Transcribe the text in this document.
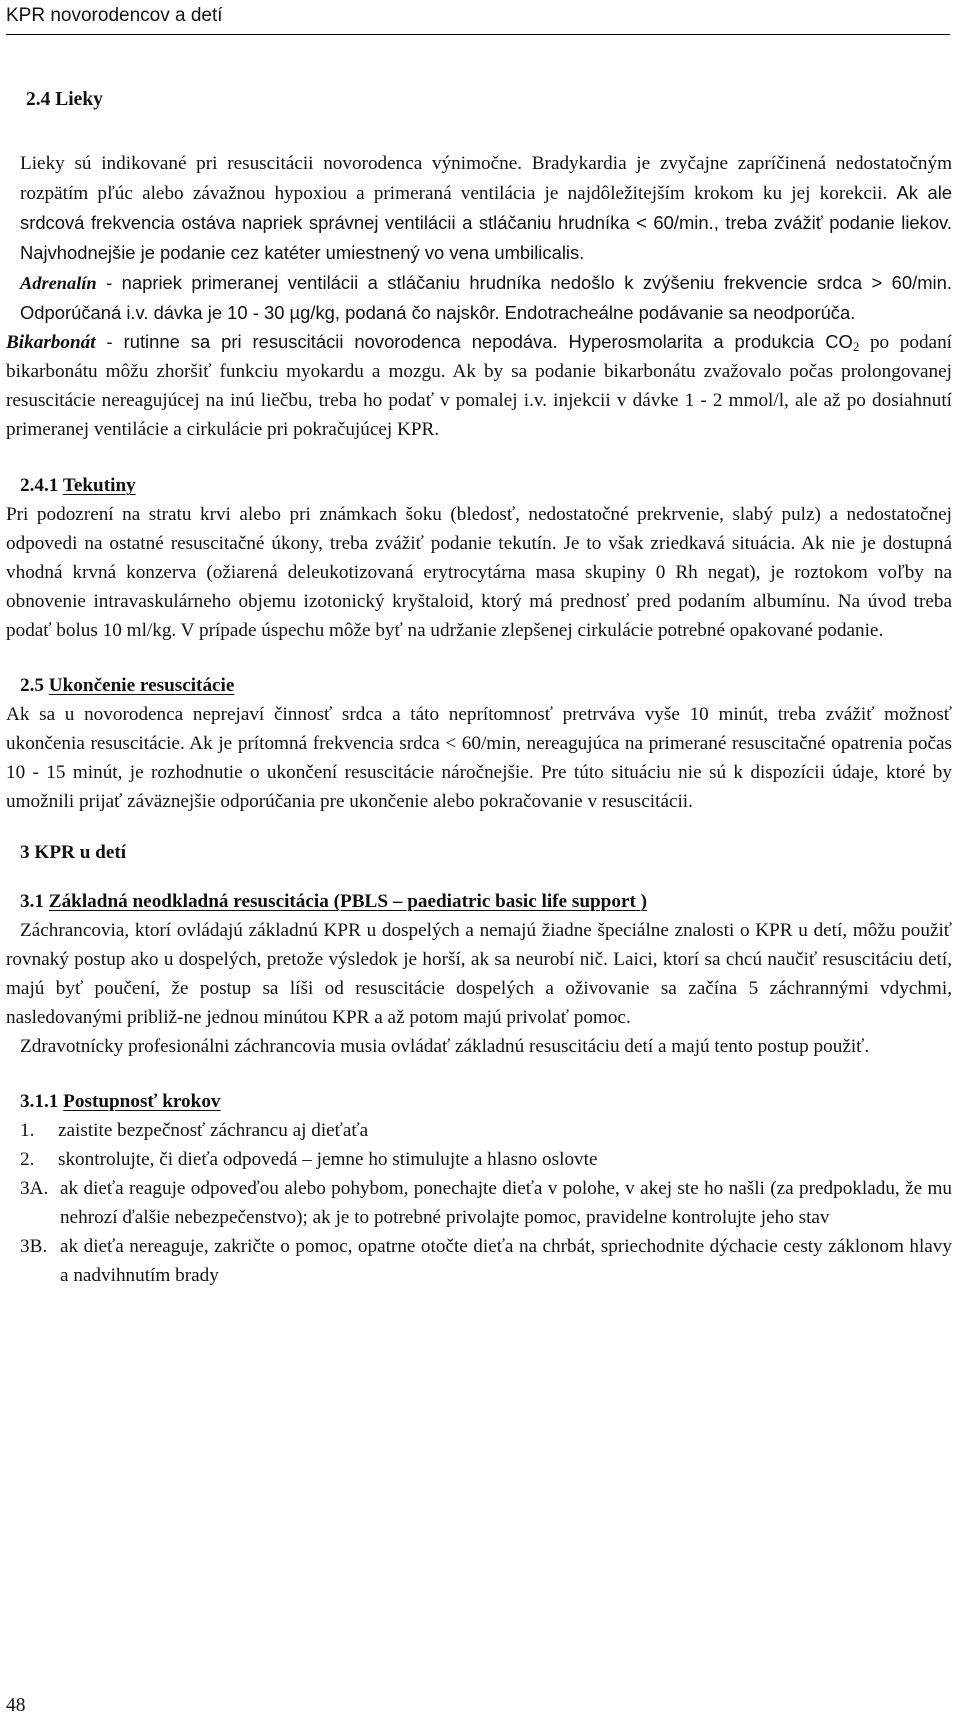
KPR novorodencov a detí
2.4 Lieky

Lieky sú indikované pri resuscitácii novorodenca výnimočne. Bradykardia je zvyčajne zapríčinená nedostatočným rozpätím pľúc alebo závažnou hypoxiou a primeraná ventilácia je najdôležitejším krokom ku jej korekcii. Ak ale srdcová frekvencia ostáva napriek správnej ventilácii a stláčaniu hrudníka < 60/min., treba zvážiť podanie liekov. Najvhodnejšie je podanie cez katéter umiestnený vo vena umbilicalis.

Adrenalín - napriek primeranej ventilácii a stláčaniu hrudníka nedošlo k zvýšeniu frekvencie srdca > 60/min. Odporúčaná i.v. dávka je 10 - 30 µg/kg, podaná čo najskôr. Endotracheálne podávanie sa neodporúča.

Bikarbonát - rutinne sa pri resuscitácii novorodenca nepodáva. Hyperosmolarita a produkcia $CO_2$ po podaní bikarbonátu môžu zhoršiť funkciu myokardu a mozgu. Ak by sa podanie bikarbonátu zvažovalo počas prolongovanej resuscitácie nereagujúcej na inú liečbu, treba ho podať v pomalej i.v. injekcii v dávke 1 - 2 mmol/l, ale až po dosiahnutí primeranej ventilácie a cirkulácie pri pokračujúcej KPR.

2.4.1 Tekutiny

Pri podozrení na stratu krvi alebo pri známkach šoku (bledosť, nedostatočné prekrvenie, slabý pulz) a nedostatočnej odpovedi na ostatné resuscitačné úkony, treba zvážiť podanie tekutín. Je to však zriedkavá situácia. Ak nie je dostupná vhodná krvná konzerva (ožiarená deleukotizovaná erytrocytárna masa skupiny 0 Rh negat), je roztokom voľby na obnovenie intravaskulárneho objemu izotonický kryštaloid, ktorý má prednosť pred podaním albumínu. Na úvod treba podať bolus 10 ml/kg. V prípade úspechu môže byť na udržanie zlepšenej cirkulácie potrebné opakované podanie.

2.5 Ukončenie resuscitácie

Ak sa u novorodenca neprejaví činnosť srdca a táto neprítomnosť pretrváva vyše 10 minút, treba zvážiť možnosť ukončenia resuscitácie. Ak je prítomná frekvencia srdca < 60/min, nereagujúca na primerané resuscitačné opatrenia počas 10 - 15 minút, je rozhodnutie o ukončení resuscitácie náročnejšie. Pre túto situáciu nie sú k dispozícii údaje, ktoré by umožnili prijať záväznejšie odporúčania pre ukončenie alebo pokračovanie v resuscitácii.

3 KPR u detí

3.1 Základná neodkladná resuscitácia (PBLS – paediatric basic life support )

Záchrancovia, ktorí ovládajú základnú KPR u dospelých a nemajú žiadne špeciálne znalosti o KPR u detí, môžu použiť rovnaký postup ako u dospelých, pretože výsledok je horší, ak sa neurobí nič. Laici, ktorí sa chcú naučiť resuscitáciu detí, majú byť poučení, že postup sa líši od resuscitácie dospelých a oživovanie sa začína 5 záchrannými vdychmi, nasledovanými približ-ne jednou minútou KPR a až potom majú privolať pomoc.

Zdravotnícky profesionálni záchrancovia musia ovládať základnú resuscitáciu detí a majú tento postup použiť.

3.1.1 Postupnosť krokov

1.	zaistite bezpečnosť záchrancu aj dieťaťa
2.	skontrolujte, či dieťa odpovedá – jemne ho stimulujte a hlasno oslovte
3A. ak dieťa reaguje odpoveďou alebo pohybom, ponechajte dieťa v polohe, v akej ste ho našli (za predpokladu, že mu nehrozí ďalšie nebezpečenstvo); ak je to potrebné privolajte pomoc, pravidelne kontrolujte jeho stav
3B. ak dieťa nereaguje, zakričte o pomoc, opatrne otočte dieťa na chrbát, spriechodnite dýchacie cesty záklonom hlavy a nadvihnutím brady
48
